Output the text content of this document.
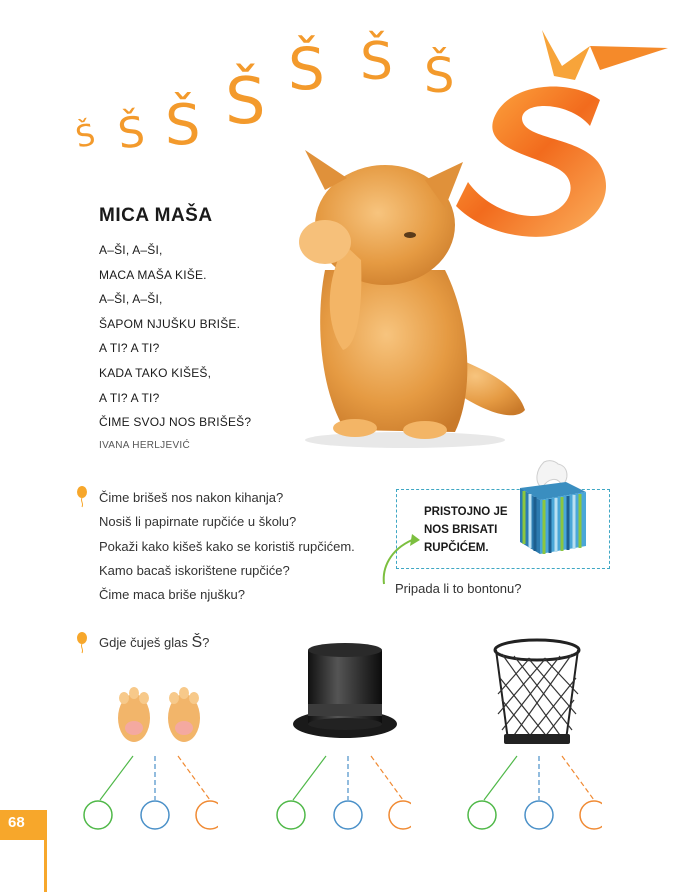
Š Š Š Š Š Š Š
MICA MAŠA
A–ŠI, A–ŠI,
MACA MAŠA KIŠE.
A–ŠI, A–ŠI,
ŠAPOM NJUŠKU BRIŠE.
A TI? A TI?
KADA TAKO KIŠEŠ,
A TI? A TI?
ČIME SVOJ NOS BRIŠEŠ?
IVANA HERLJEVIĆ
Čime brišeš nos nakon kihanja?
Nosiš li papirnate rupčiće u školu?
Pokaži kako kišeš kako se koristiš rupčićem.
Kamo bacaš iskorištene rupčiće?
Čime maca briše njušku?
PRISTOJNO JE
NOS BRISATI
RUPČIĆEM.
Pripada li to bontonu?
Gdje čuješ glas Š?
68
